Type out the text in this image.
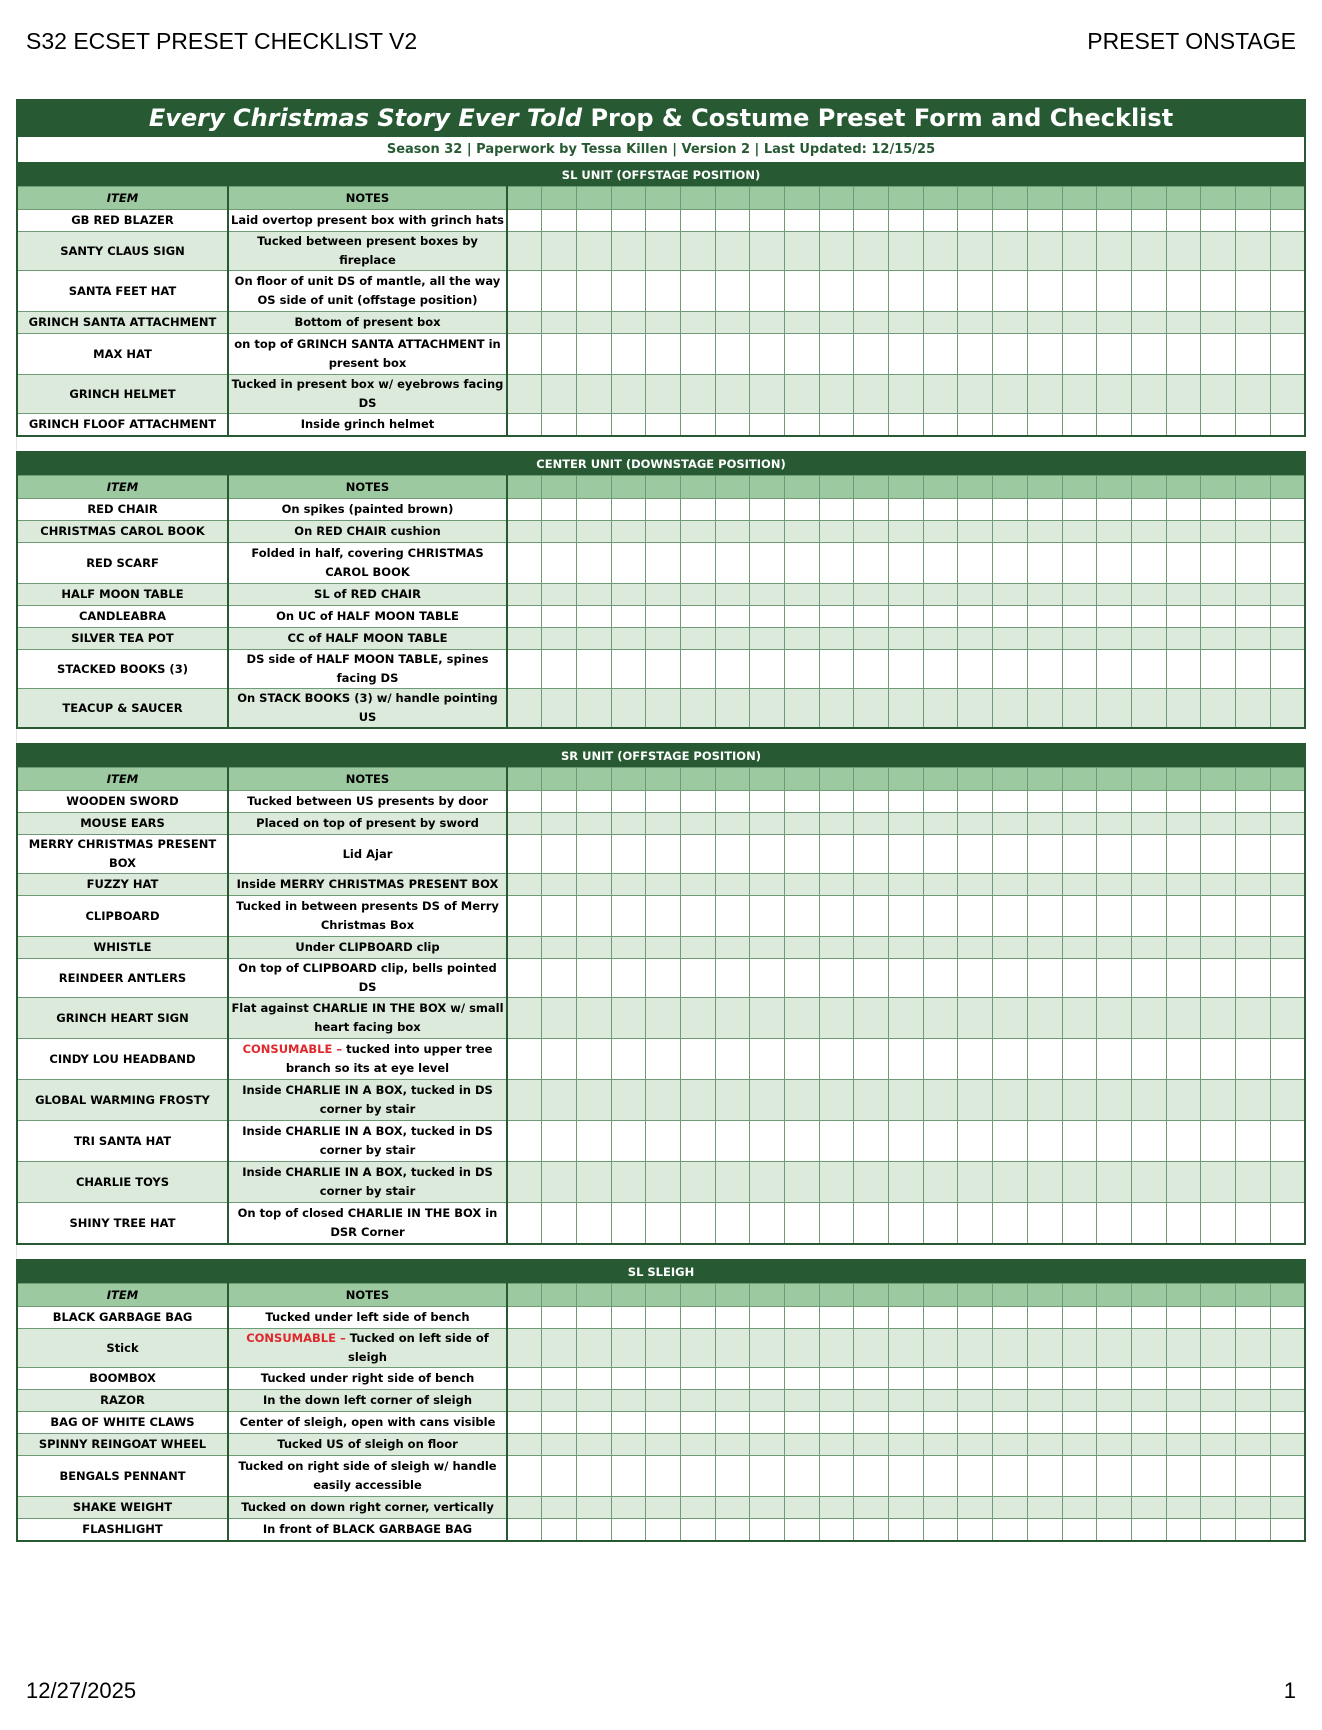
S32 ECSET PRESET CHECKLIST V2	PRESET ONSTAGE
Every Christmas Story Ever Told Prop & Costume Preset Form and Checklist
Season 32 | Paperwork by Tessa Killen | Version 2 | Last Updated: 12/15/25
SL UNIT (OFFSTAGE POSITION)																								
ITEM	NOTES																							
GB RED BLAZER	Laid overtop present box with grinch hats																							
SANTY CLAUS SIGN	Tucked between present boxes by fireplace																							
SANTA FEET HAT	On floor of unit DS of mantle, all the way OS side of unit (offstage position)																							
GRINCH SANTA ATTACHMENT	Bottom of present box																							
MAX HAT	on top of GRINCH SANTA ATTACHMENT in present box																							
GRINCH HELMET	Tucked in present box w/ eyebrows facing DS																							
GRINCH FLOOF ATTACHMENT	Inside grinch helmet																							
CENTER UNIT (DOWNSTAGE POSITION)																								
ITEM	NOTES																							
RED CHAIR	On spikes (painted brown)																							
CHRISTMAS CAROL BOOK	On RED CHAIR cushion																							
RED SCARF	Folded in half, covering CHRISTMAS CAROL BOOK																							
HALF MOON TABLE	SL of RED CHAIR																							
CANDLEABRA	On UC of HALF MOON TABLE																							
SILVER TEA POT	CC of HALF MOON TABLE																							
STACKED BOOKS (3)	DS side of HALF MOON TABLE, spines facing DS																							
TEACUP & SAUCER	On STACK BOOKS (3) w/ handle pointing US																							
SR UNIT (OFFSTAGE POSITION)																								
ITEM	NOTES																							
WOODEN SWORD	Tucked between US presents by door																							
MOUSE EARS	Placed on top of present by sword																							
MERRY CHRISTMAS PRESENT BOX	Lid Ajar																							
FUZZY HAT	Inside MERRY CHRISTMAS PRESENT BOX																							
CLIPBOARD	Tucked in between presents DS of Merry Christmas Box																							
WHISTLE	Under CLIPBOARD clip																							
REINDEER ANTLERS	On top of CLIPBOARD clip, bells pointed DS																							
GRINCH HEART SIGN	Flat against CHARLIE IN THE BOX w/ small heart facing box																							
CINDY LOU HEADBAND	CONSUMABLE – tucked into upper tree branch so its at eye level																							
GLOBAL WARMING FROSTY	Inside CHARLIE IN A BOX, tucked in DS corner by stair																							
TRI SANTA HAT	Inside CHARLIE IN A BOX, tucked in DS corner by stair																							
CHARLIE TOYS	Inside CHARLIE IN A BOX, tucked in DS corner by stair																							
SHINY TREE HAT	On top of closed CHARLIE IN THE BOX in DSR Corner																							
SL SLEIGH																								
ITEM	NOTES																							
BLACK GARBAGE BAG	Tucked under left side of bench																							
Stick	CONSUMABLE – Tucked on left side of sleigh																							
BOOMBOX	Tucked under right side of bench																							
RAZOR	In the down left corner of sleigh																							
BAG OF WHITE CLAWS	Center of sleigh, open with cans visible																							
SPINNY REINGOAT WHEEL	Tucked US of sleigh on floor																							
BENGALS PENNANT	Tucked on right side of sleigh w/ handle easily accessible																							
SHAKE WEIGHT	Tucked on down right corner, vertically																							
FLASHLIGHT	In front of BLACK GARBAGE BAG																							
12/27/2025	1
